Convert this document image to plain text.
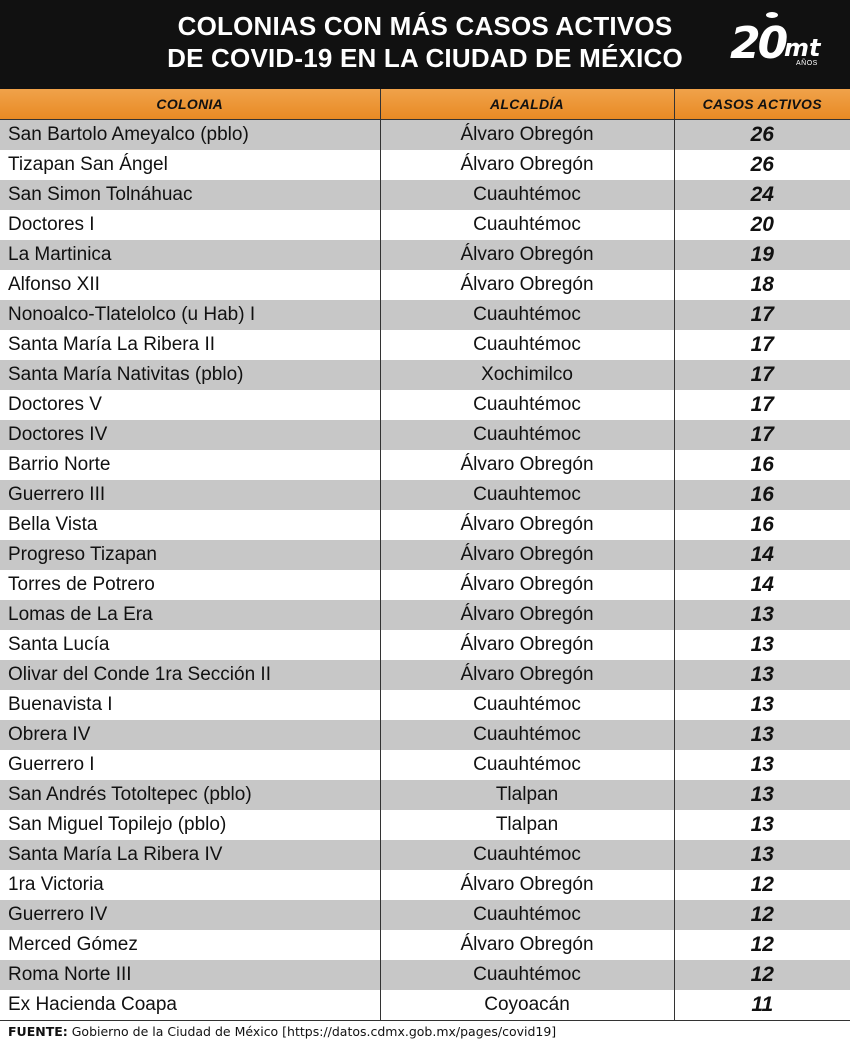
COLONIAS CON MÁS CASOS ACTIVOS
DE COVID-19 EN LA CIUDAD DE MÉXICO	20
mt
AÑOS
COLONIA	ALCALDÍA	CASOS ACTIVOS
San Bartolo Ameyalco (pblo)	Álvaro Obregón	26
Tizapan San Ángel	Álvaro Obregón	26
San Simon Tolnáhuac	Cuauhtémoc	24
Doctores I	Cuauhtémoc	20
La Martinica	Álvaro Obregón	19
Alfonso XII	Álvaro Obregón	18
Nonoalco-Tlatelolco (u Hab) I	Cuauhtémoc	17
Santa María La Ribera II	Cuauhtémoc	17
Santa María Nativitas (pblo)	Xochimilco	17
Doctores V	Cuauhtémoc	17
Doctores IV	Cuauhtémoc	17
Barrio Norte	Álvaro Obregón	16
Guerrero III	Cuauhtemoc	16
Bella Vista	Álvaro Obregón	16
Progreso Tizapan	Álvaro Obregón	14
Torres de Potrero	Álvaro Obregón	14
Lomas de La Era	Álvaro Obregón	13
Santa Lucía	Álvaro Obregón	13
Olivar del Conde 1ra Sección II	Álvaro Obregón	13
Buenavista I	Cuauhtémoc	13
Obrera IV	Cuauhtémoc	13
Guerrero I	Cuauhtémoc	13
San Andrés Totoltepec (pblo)	Tlalpan	13
San Miguel Topilejo (pblo)	Tlalpan	13
Santa María La Ribera IV	Cuauhtémoc	13
1ra Victoria	Álvaro Obregón	12
Guerrero IV	Cuauhtémoc	12
Merced Gómez	Álvaro Obregón	12
Roma Norte III	Cuauhtémoc	12
Ex Hacienda Coapa	Coyoacán	11
FUENTE: Gobierno de la Ciudad de México [https://datos.cdmx.gob.mx/pages/covid19]
